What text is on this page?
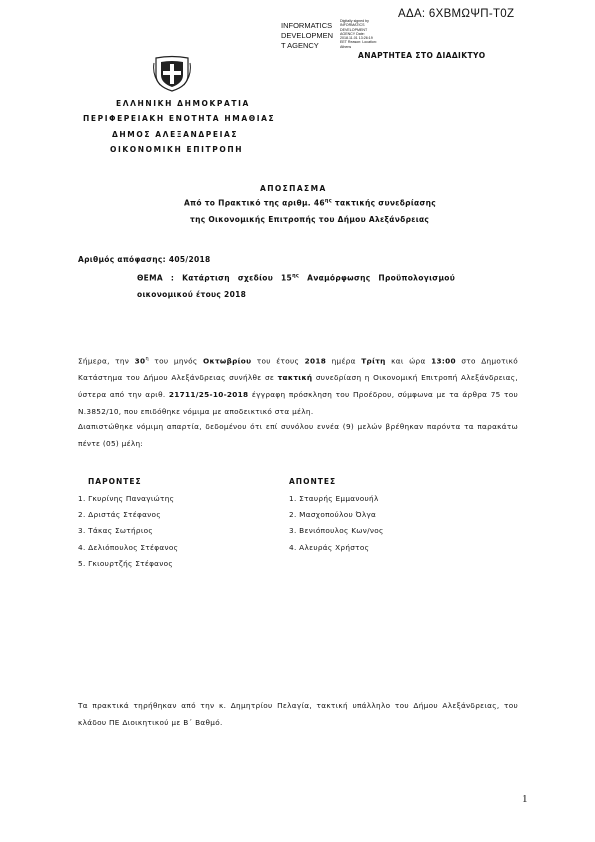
ΑΔΑ: 6ΧΒΜΩΨΠ-Τ0Ζ
INFORMATICS
DEVELOPMEN
T AGENCY
Digitally signed by INFORMATICS DEVELOPMENT AGENCY Date: 2018.11.01 13:26:19 EET Reason: Location: Athens
ΑΝΑΡΤΗΤΕΑ ΣΤΟ ΔΙΑΔΙΚΤΥΟ
ΕΛΛΗΝΙΚΗ ΔΗΜΟΚΡΑΤΙΑ
ΠΕΡΙΦΕΡΕΙΑΚΗ ΕΝΟΤΗΤΑ ΗΜΑΘΙΑΣ
ΔΗΜΟΣ ΑΛΕΞΑΝΔΡΕΙΑΣ
ΟΙΚΟΝΟΜΙΚΗ ΕΠΙΤΡΟΠΗ
ΑΠΟΣΠΑΣΜΑ
Από το Πρακτικό της αριθμ. $46^{\eta\varsigma}$ τακτικής συνεδρίασης
της Οικονομικής Επιτροπής του Δήμου Αλεξάνδρειας
Αριθμός απόφασης: 405/2018
ΘΕΜΑ : Κατάρτιση σχεδίου $15^{\eta\varsigma}$ Αναμόρφωσης Προϋπολογισμού
οικονομικού έτους 2018
Σήμερα, την $30^\eta$ του μηνός Οκτωβρίου του έτους 2018 ημέρα Τρίτη και ώρα 13:00 στο Δημοτικό Κατάστημα του Δήμου Αλεξάνδρειας συνήλθε σε τακτική συνεδρίαση η Οικονομική Επιτροπή Αλεξάνδρειας, ύστερα από την αριθ. 21711/25-10-2018 έγγραφη πρόσκληση του Προέδρου, σύμφωνα με τα άρθρα 75 του Ν.3852/10, που επιδόθηκε νόμιμα με αποδεικτικό στα μέλη.
Διαπιστώθηκε νόμιμη απαρτία, δεδομένου ότι επί συνόλου εννέα (9) μελών βρέθηκαν παρόντα τα παρακάτω πέντε (05) μέλη:
ΠΑΡΟΝΤΕΣ	ΑΠΟΝΤΕΣ
1. Γκυρίνης Παναγιώτης
2. Δριστάς Στέφανος
3. Τάκας Σωτήριος
4. Δελιόπουλος Στέφανος
5. Γκιουρτζής Στέφανος
1. Σταυρής Εμμανουήλ
2. Μασχοπούλου Όλγα
3. Βενιόπουλος Κων/νος
4. Αλευράς Χρήστος
Τα πρακτικά τηρήθηκαν από την κ. Δημητρίου Πελαγία, τακτική υπάλληλο του Δήμου Αλεξάνδρειας, του κλάδου ΠΕ Διοικητικού με Β΄ Βαθμό.
1
